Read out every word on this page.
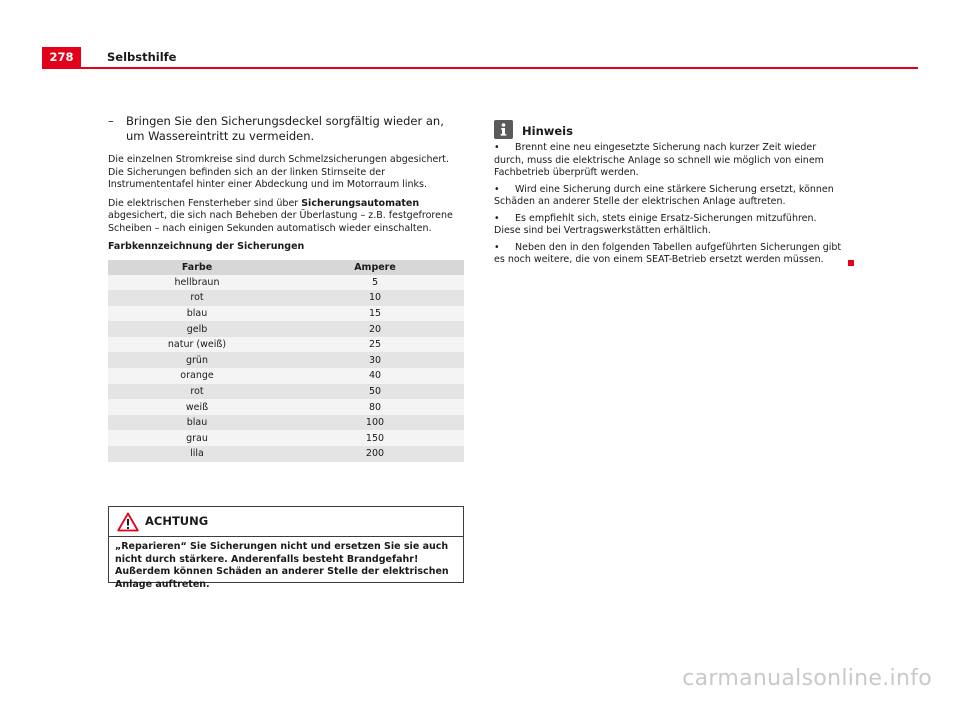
278	Selbsthilfe
– Bringen Sie den Sicherungsdeckel sorgfältig wieder an, um Wassereintritt zu vermeiden.

Die einzelnen Stromkreise sind durch Schmelzsicherungen abgesichert. Die Sicherungen befinden sich an der linken Stirnseite der Instrumententafel hinter einer Abdeckung und im Motorraum links.

Die elektrischen Fensterheber sind über Sicherungsautomaten abgesichert, die sich nach Beheben der Überlastung – z.B. festgefrorene Scheiben – nach einigen Sekunden automatisch wieder einschalten.

Farbkennzeichnung der Sicherungen

Farbe	Ampere
hellbraun	5
rot	10
blau	15
gelb	20
natur (weiß)	25
grün	30
orange	40
rot	50
weiß	80
blau	100
grau	150
lila	200
ACHTUNG
„Reparieren“ Sie Sicherungen nicht und ersetzen Sie sie auch nicht durch stärkere. Anderenfalls besteht Brandgefahr! Außerdem können Schäden an anderer Stelle der elektrischen Anlage auftreten.
Hinweis
• Brennt eine neu eingesetzte Sicherung nach kurzer Zeit wieder durch, muss die elektrische Anlage so schnell wie möglich von einem Fachbetrieb überprüft werden.
• Wird eine Sicherung durch eine stärkere Sicherung ersetzt, können Schäden an anderer Stelle der elektrischen Anlage auftreten.
• Es empfiehlt sich, stets einige Ersatz-Sicherungen mitzuführen. Diese sind bei Vertragswerkstätten erhältlich.
• Neben den in den folgenden Tabellen aufgeführten Sicherungen gibt es noch weitere, die von einem SEAT-Betrieb ersetzt werden müssen.
carmanualsonline.info
